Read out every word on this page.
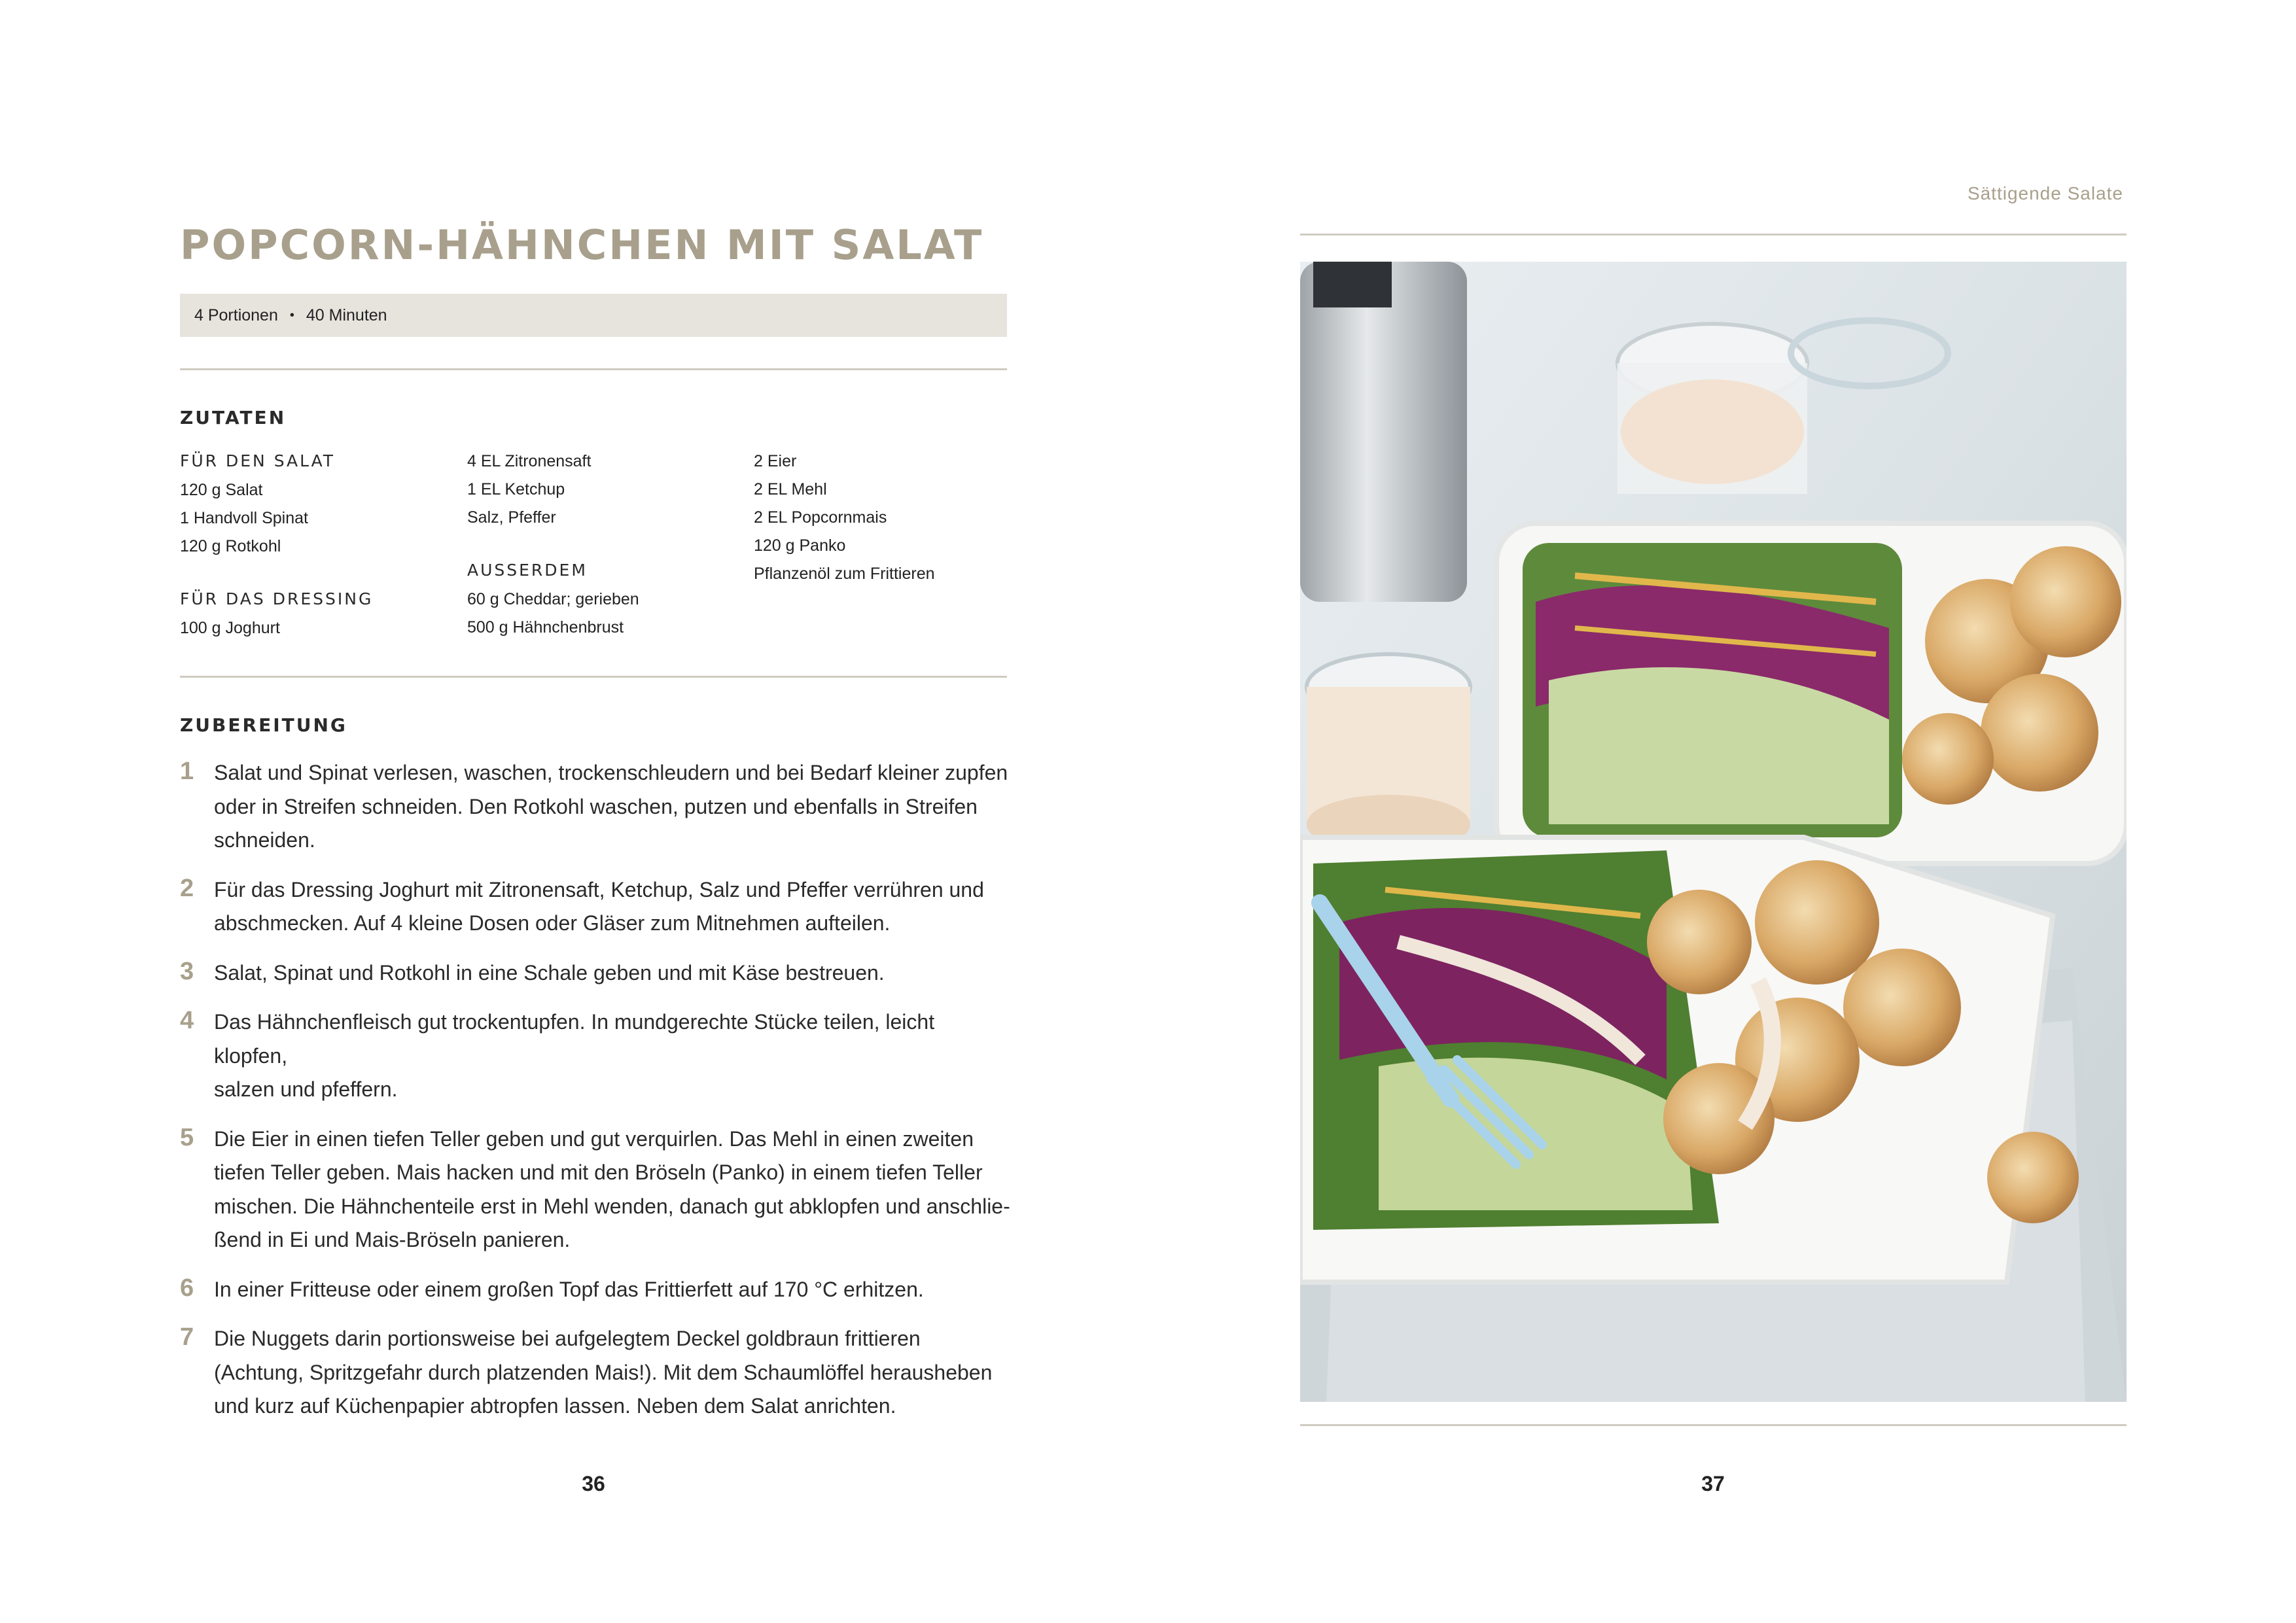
POPCORN-HÄHNCHEN MIT SALAT
4 Portionen • 40 Minuten
ZUTATEN
FÜR DEN SALAT
120 g Salat
1 Handvoll Spinat
120 g Rotkohl
FÜR DAS DRESSING
100 g Joghurt
4 EL Zitronensaft
1 EL Ketchup
Salz, Pfeffer
AUSSERDEM
60 g Cheddar; gerieben
500 g Hähnchenbrust
2 Eier
2 EL Mehl
2 EL Popcornmais
120 g Panko
Pflanzenöl zum Frittieren
ZUBEREITUNG
1 Salat und Spinat verlesen, waschen, trockenschleudern und bei Bedarf kleiner zupfen
oder in Streifen schneiden. Den Rotkohl waschen, putzen und ebenfalls in Streifen
schneiden.
2 Für das Dressing Joghurt mit Zitronensaft, Ketchup, Salz und Pfeffer verrühren und
abschmecken. Auf 4 kleine Dosen oder Gläser zum Mitnehmen aufteilen.
3 Salat, Spinat und Rotkohl in eine Schale geben und mit Käse bestreuen.
4 Das Hähnchenfleisch gut trockentupfen. In mundgerechte Stücke teilen, leicht klopfen,
salzen und pfeffern.
5 Die Eier in einen tiefen Teller geben und gut verquirlen. Das Mehl in einen zweiten
tiefen Teller geben. Mais hacken und mit den Bröseln (Panko) in einem tiefen Teller
mischen. Die Hähnchenteile erst in Mehl wenden, danach gut abklopfen und anschlie-
ßend in Ei und Mais-Bröseln panieren.
6 In einer Fritteuse oder einem großen Topf das Frittierfett auf 170 °C erhitzen.
7 Die Nuggets darin portionsweise bei aufgelegtem Deckel goldbraun frittieren
(Achtung, Spritzgefahr durch platzenden Mais!). Mit dem Schaumlöffel herausheben
und kurz auf Küchenpapier abtropfen lassen. Neben dem Salat anrichten.
36
Sättigende Salate
37
